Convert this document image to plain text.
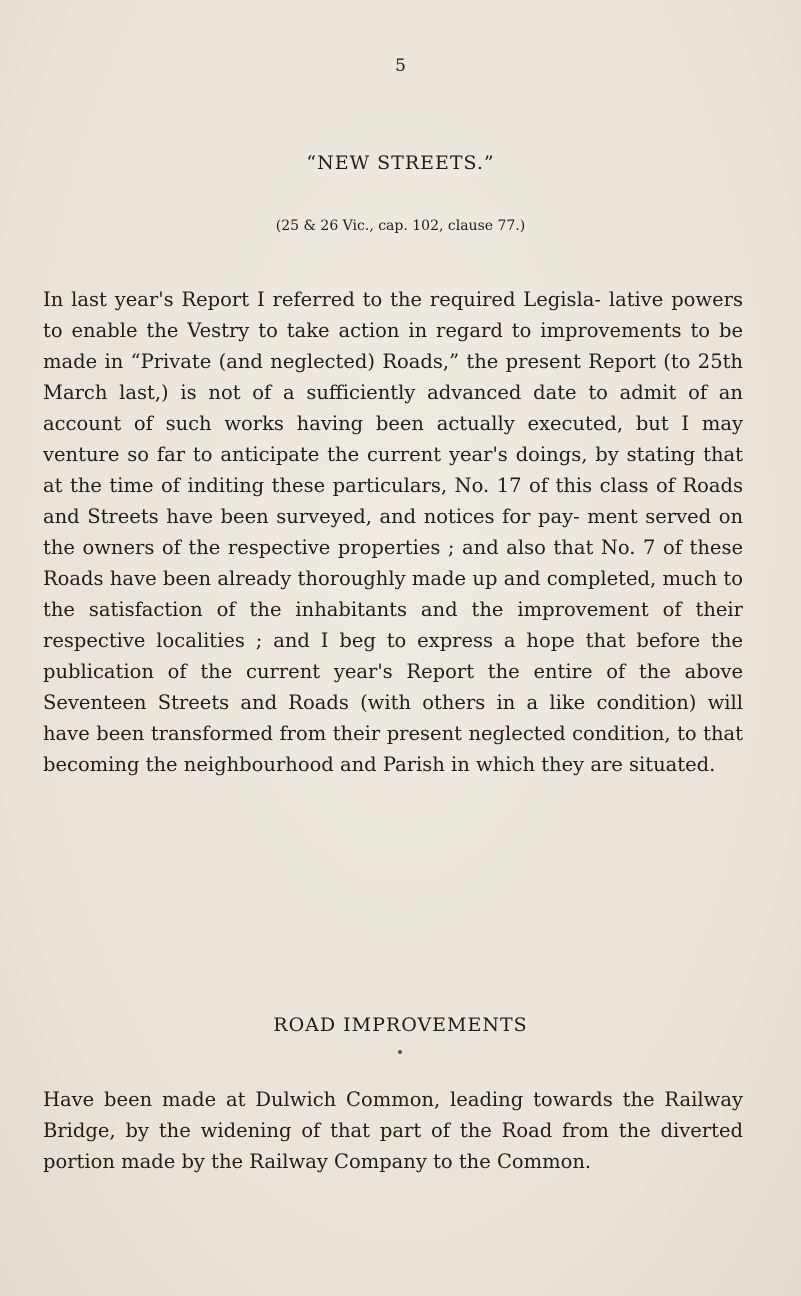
5
“NEW STREETS.”
(25 & 26 Vic., cap. 102, clause 77.)
In last year's Report I referred to the required Legisla- lative powers to enable the Vestry to take action in regard to improvements to be made in “Private (and neglected) Roads,” the present Report (to 25th March last,) is not of a sufficiently advanced date to admit of an account of such works having been actually executed, but I may venture so far to anticipate the current year's doings, by stating that at the time of inditing these particulars, No. 17 of this class of Roads and Streets have been surveyed, and notices for pay- ment served on the owners of the respective properties ; and also that No. 7 of these Roads have been already thoroughly made up and completed, much to the satisfaction of the inhabitants and the improvement of their respective localities ; and I beg to express a hope that before the publication of the current year's Report the entire of the above Seventeen Streets and Roads (with others in a like condition) will have been transformed from their present neglected condition, to that becoming the neighbourhood and Parish in which they are situated.
ROAD IMPROVEMENTS
Have been made at Dulwich Common, leading towards the Railway Bridge, by the widening of that part of the Road from the diverted portion made by the Railway Company to the Common.
